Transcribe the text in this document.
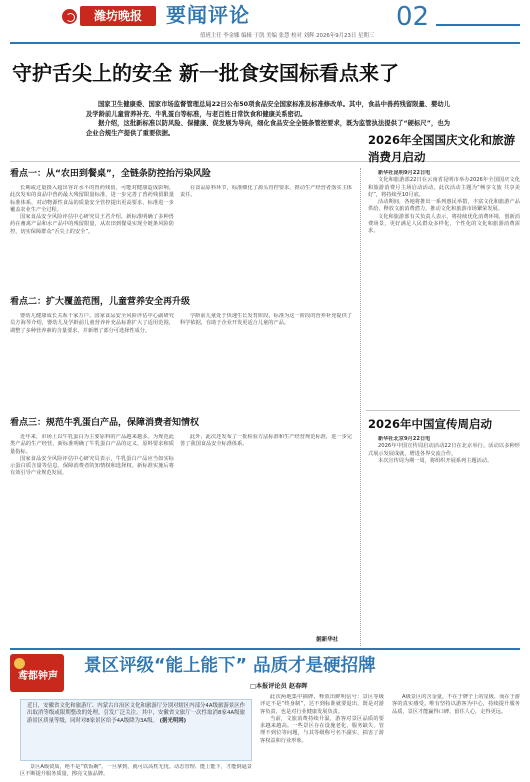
潍坊晚报	要闻评论	02
值班主任 李金娜 编辑 于凯 美编 张慧 校对 刘辉 2026年9月23日 星期三
守护舌尖上的安全 新一批食安国标看点来了

国家卫生健康委、国家市场监督管理总局22日公布50项食品安全国家标准及标准修改单。其中，食品中兽药残留限量、婴幼儿及学龄前儿童营养补充、牛乳蛋白等标准，与老百姓日常饮食和健康关系密切。

据介绍，这批新标准以防风险、保健康、促发展为导向，细化食品安全全链条管控要求，既为监管执法提供了“硬标尺”，也为企业合规生产提供了重要依据。

看点一：从“农田到餐桌”，全链条防控抬污染风险

长期或过量摄入超出容许水平的兽药残留，可能对健康造成影响。此次发布的食品中兽药最大残留限量标准，进一步完善了兽药残留限量标准体系，对动物源性食品的质量安全管控提出更高要求，标准进一步覆盖农业生产全过程。

国家食品安全风险评估中心研究员王君介绍，新标准明确了多种兽药在畜禽产品和水产品中的残留限量，从农田到餐桌实现全链条风险防控，切实保障群众“舌尖上的安全”。

在食品原料环节，标准细化了源头管控要求，推动生产经营者落实主体责任。

看点二：扩大覆盖范围，儿童营养安全再升级

婴幼儿健康成长关系千家万户。国家食品安全风险评估中心副研究员方海琴介绍，婴幼儿及学龄前儿童营养补充品标准扩大了适用范围，调整了多种营养素的含量要求，并新增了部分可选择性成分。

学龄前儿童处于快速生长发育阶段，标准为这一阶段的营养补充提供了科学依据，有助于企业开发更适合儿童的产品。

看点三：规范牛乳蛋白产品，保障消费者知情权

近年来，市场上以牛乳蛋白为主要原料的产品越来越多。为规范此类产品的生产经营，新标准明确了牛乳蛋白产品的定义、原料要求和质量指标。

国家食品安全风险评估中心研究员表示，牛乳蛋白产品应当如实标示蛋白质含量等信息，保障消费者的知情权和选择权。新标准实施后将有效引导产业规范发展。

此外，此次还发布了一批检验方法标准和生产经营规范标准，进一步完善了我国食品安全标准体系。

据新华社
2026年全国国庆文化和旅游消费月启动

新华社昆明9月22日电

文化和旅游部22日在云南省昆明市举办2026年全国国庆文化和旅游消费月主场启动活动。此次活动主题为“畅享文旅 共享美好”，将持续至10月底。

活动期间，各地将推出一系列惠民举措，丰富文化和旅游产品供给，释放文旅消费潜力，推动文化和旅游市场繁荣发展。

文化和旅游部有关负责人表示，将持续优化消费环境，创新消费场景，更好满足人民群众多样化、个性化的文化和旅游消费需求。

2026年中国宣传周启动

新华社北京9月22日电

2026年中国宣传周启动活动22日在北京举行。活动以多种形式展示发展成就，增进各界交流合作。

本次宣传周为期一周，将组织开展系列主题活动。

鸢都钟声
景区评级“能上能下” 品质才是硬招牌
□本报评论员 赵春晖
近日，安徽省文化和旅游厅、内蒙古自治区文化和旅游厅分别对辖区内部分4A级旅游景区作出取消等级或限期整改的处理，引发广泛关注。其中，安徽省文旅厅一次性取消8家4A级旅游景区质量等级，同时对8家景区给予4A级降为3A级。 (据光明网)

景区A级资质，绝不是“铁饭碗”。一旦拿到，就可以高枕无忧。动态管理、能上能下，才能倒逼景区不断提升服务质量，擦亮文旅品牌。

此次两地集中摘牌，释放出鲜明信号：景区等级评定不是“终身制”，达不到标准就要退出，既是对游客负责，也是对行业健康发展负责。

当前，文旅消费持续升温，游客对景区品质的要求越来越高。一些景区存在设施老化、服务缺失、管理不到位等问题，与其等级称号名不副实，损害了游客权益和行业形象。

A级景区的含金量，不在于牌子上的星级，而在于游客的真实感受。唯有坚持以游客为中心，持续提升服务品质，景区才能赢得口碑、留住人心，走得更远。
